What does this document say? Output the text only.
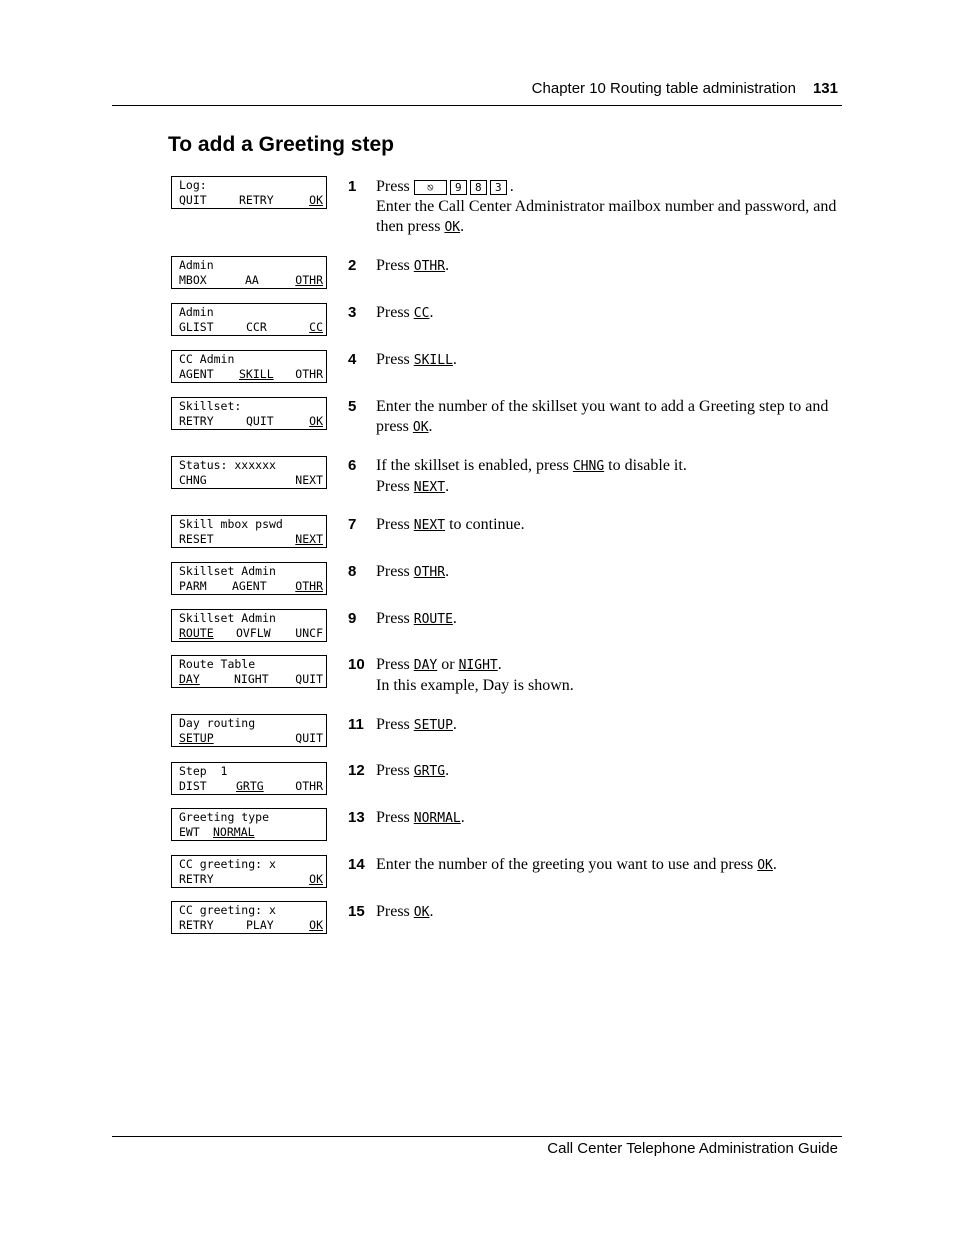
Chapter 10 Routing table administration 131
To add a Greeting step
Log:
QUIT	RETRY	OK
Admin
MBOX	AA	OTHR
Admin
GLIST	CCR	CC
CC Admin
AGENT SKILL OTHR
Skillset:
RETRY	QUIT	OK
Status: xxxxxx
CHNG	NEXT
Skill mbox pswd
RESET	NEXT
Skillset Admin
PARM AGENT OTHR
Skillset Admin
ROUTE OVFLW UNCF
Route Table
DAY	NIGHT QUIT
Day routing
SETUP	QUIT
Step  1
DIST	GRTG	OTHR
Greeting type
EWT NORMAL
CC greeting: x
RETRY	OK
CC greeting: x
RETRY	PLAY	OK
1 Press ⎋ 9 8 3 .
Enter the Call Center Administrator mailbox number and password, and then press OK.
2 Press OTHR.
3 Press CC.
4 Press SKILL.
5 Enter the number of the skillset you want to add a Greeting step to and press OK.
6 If the skillset is enabled, press CHNG to disable it.
Press NEXT.
7 Press NEXT to continue.
8 Press OTHR.
9 Press ROUTE.
10 Press DAY or NIGHT.
In this example, Day is shown.
11 Press SETUP.
12 Press GRTG.
13 Press NORMAL.
14 Enter the number of the greeting you want to use and press OK.
15 Press OK.
Call Center Telephone Administration Guide
